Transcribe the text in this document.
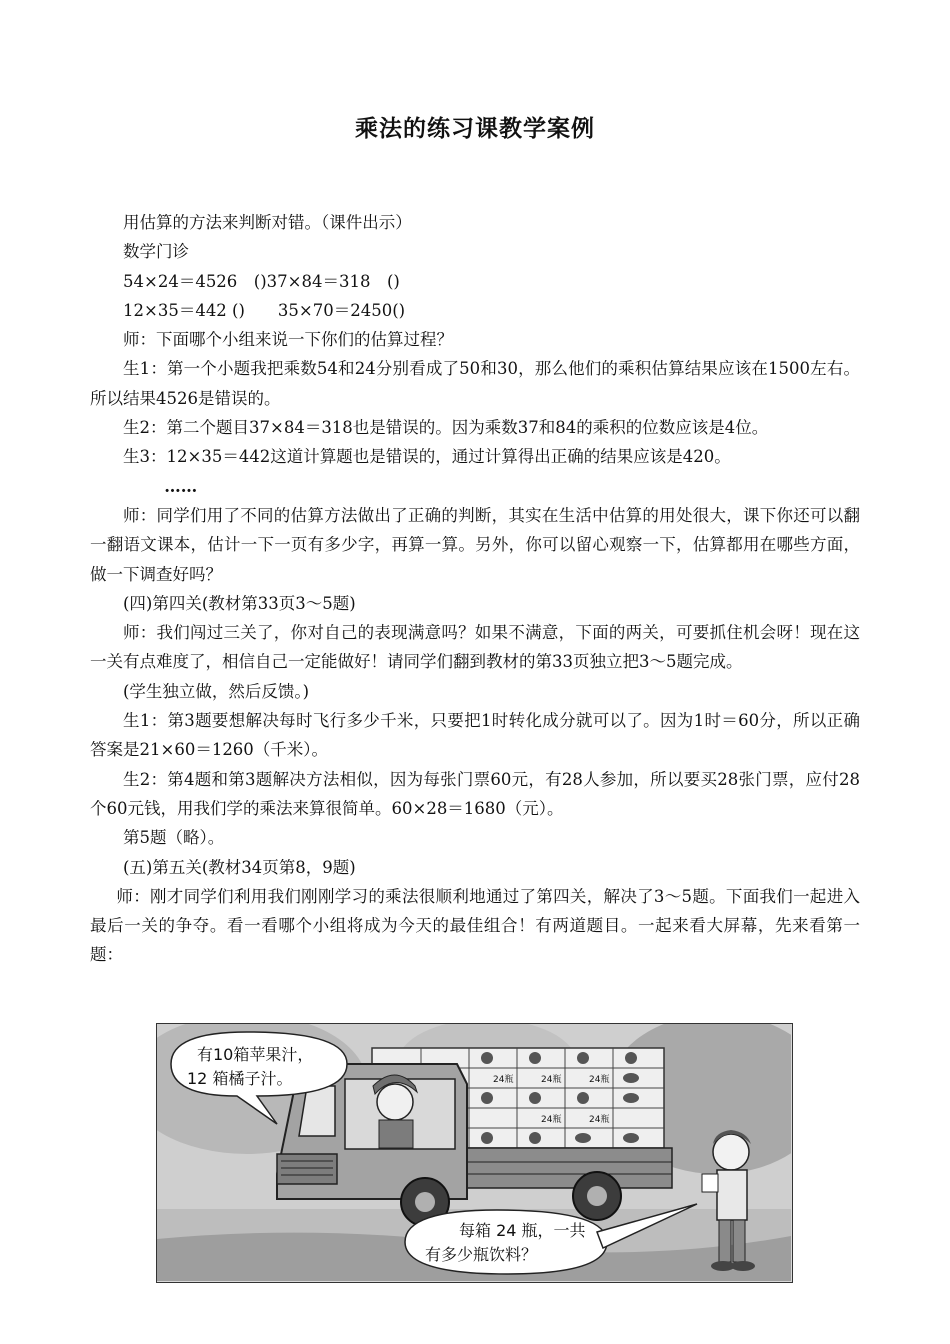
乘法的练习课教学案例

用估算的方法来判断对错。（课件出示）

数学门诊

54×24＝4526　()37×84＝318　()

12×35＝442 ()　　35×70＝2450()

师：下面哪个小组来说一下你们的估算过程？

生1：第一个小题我把乘数54和24分别看成了50和30，那么他们的乘积估算结果应该在1500左右。所以结果4526是错误的。

生2：第二个题目37×84＝318也是错误的。因为乘数37和84的乘积的位数应该是4位。

生3：12×35＝442这道计算题也是错误的，通过计算得出正确的结果应该是420。

……

师：同学们用了不同的估算方法做出了正确的判断，其实在生活中估算的用处很大，课下你还可以翻一翻语文课本，估计一下一页有多少字，再算一算。另外，你可以留心观察一下，估算都用在哪些方面，做一下调查好吗？

(四)第四关(教材第33页3～5题)

师：我们闯过三关了，你对自己的表现满意吗？如果不满意，下面的两关，可要抓住机会呀！现在这一关有点难度了，相信自己一定能做好！请同学们翻到教材的第33页独立把3～5题完成。

(学生独立做，然后反馈。)

生1：第3题要想解决每时飞行多少千米，只要把1时转化成分就可以了。因为1时＝60分，所以正确答案是21×60＝1260（千米）。

生2：第4题和第3题解决方法相似，因为每张门票60元，有28人参加，所以要买28张门票，应付28个60元钱，用我们学的乘法来算很简单。60×28＝1680（元）。

第5题（略）。

(五)第五关(教材34页第8，9题)

师：刚才同学们利用我们刚刚学习的乘法很顺利地通过了第四关，解决了3～5题。下面我们一起进入最后一关的争夺。看一看哪个小组将成为今天的最佳组合！有两道题目。一起来看大屏幕，先来看第一题：

24瓶	24瓶	24瓶
24瓶	24瓶
有10箱苹果汁，
12 箱橘子汁。
每箱 24 瓶，一共
有多少瓶饮料？
